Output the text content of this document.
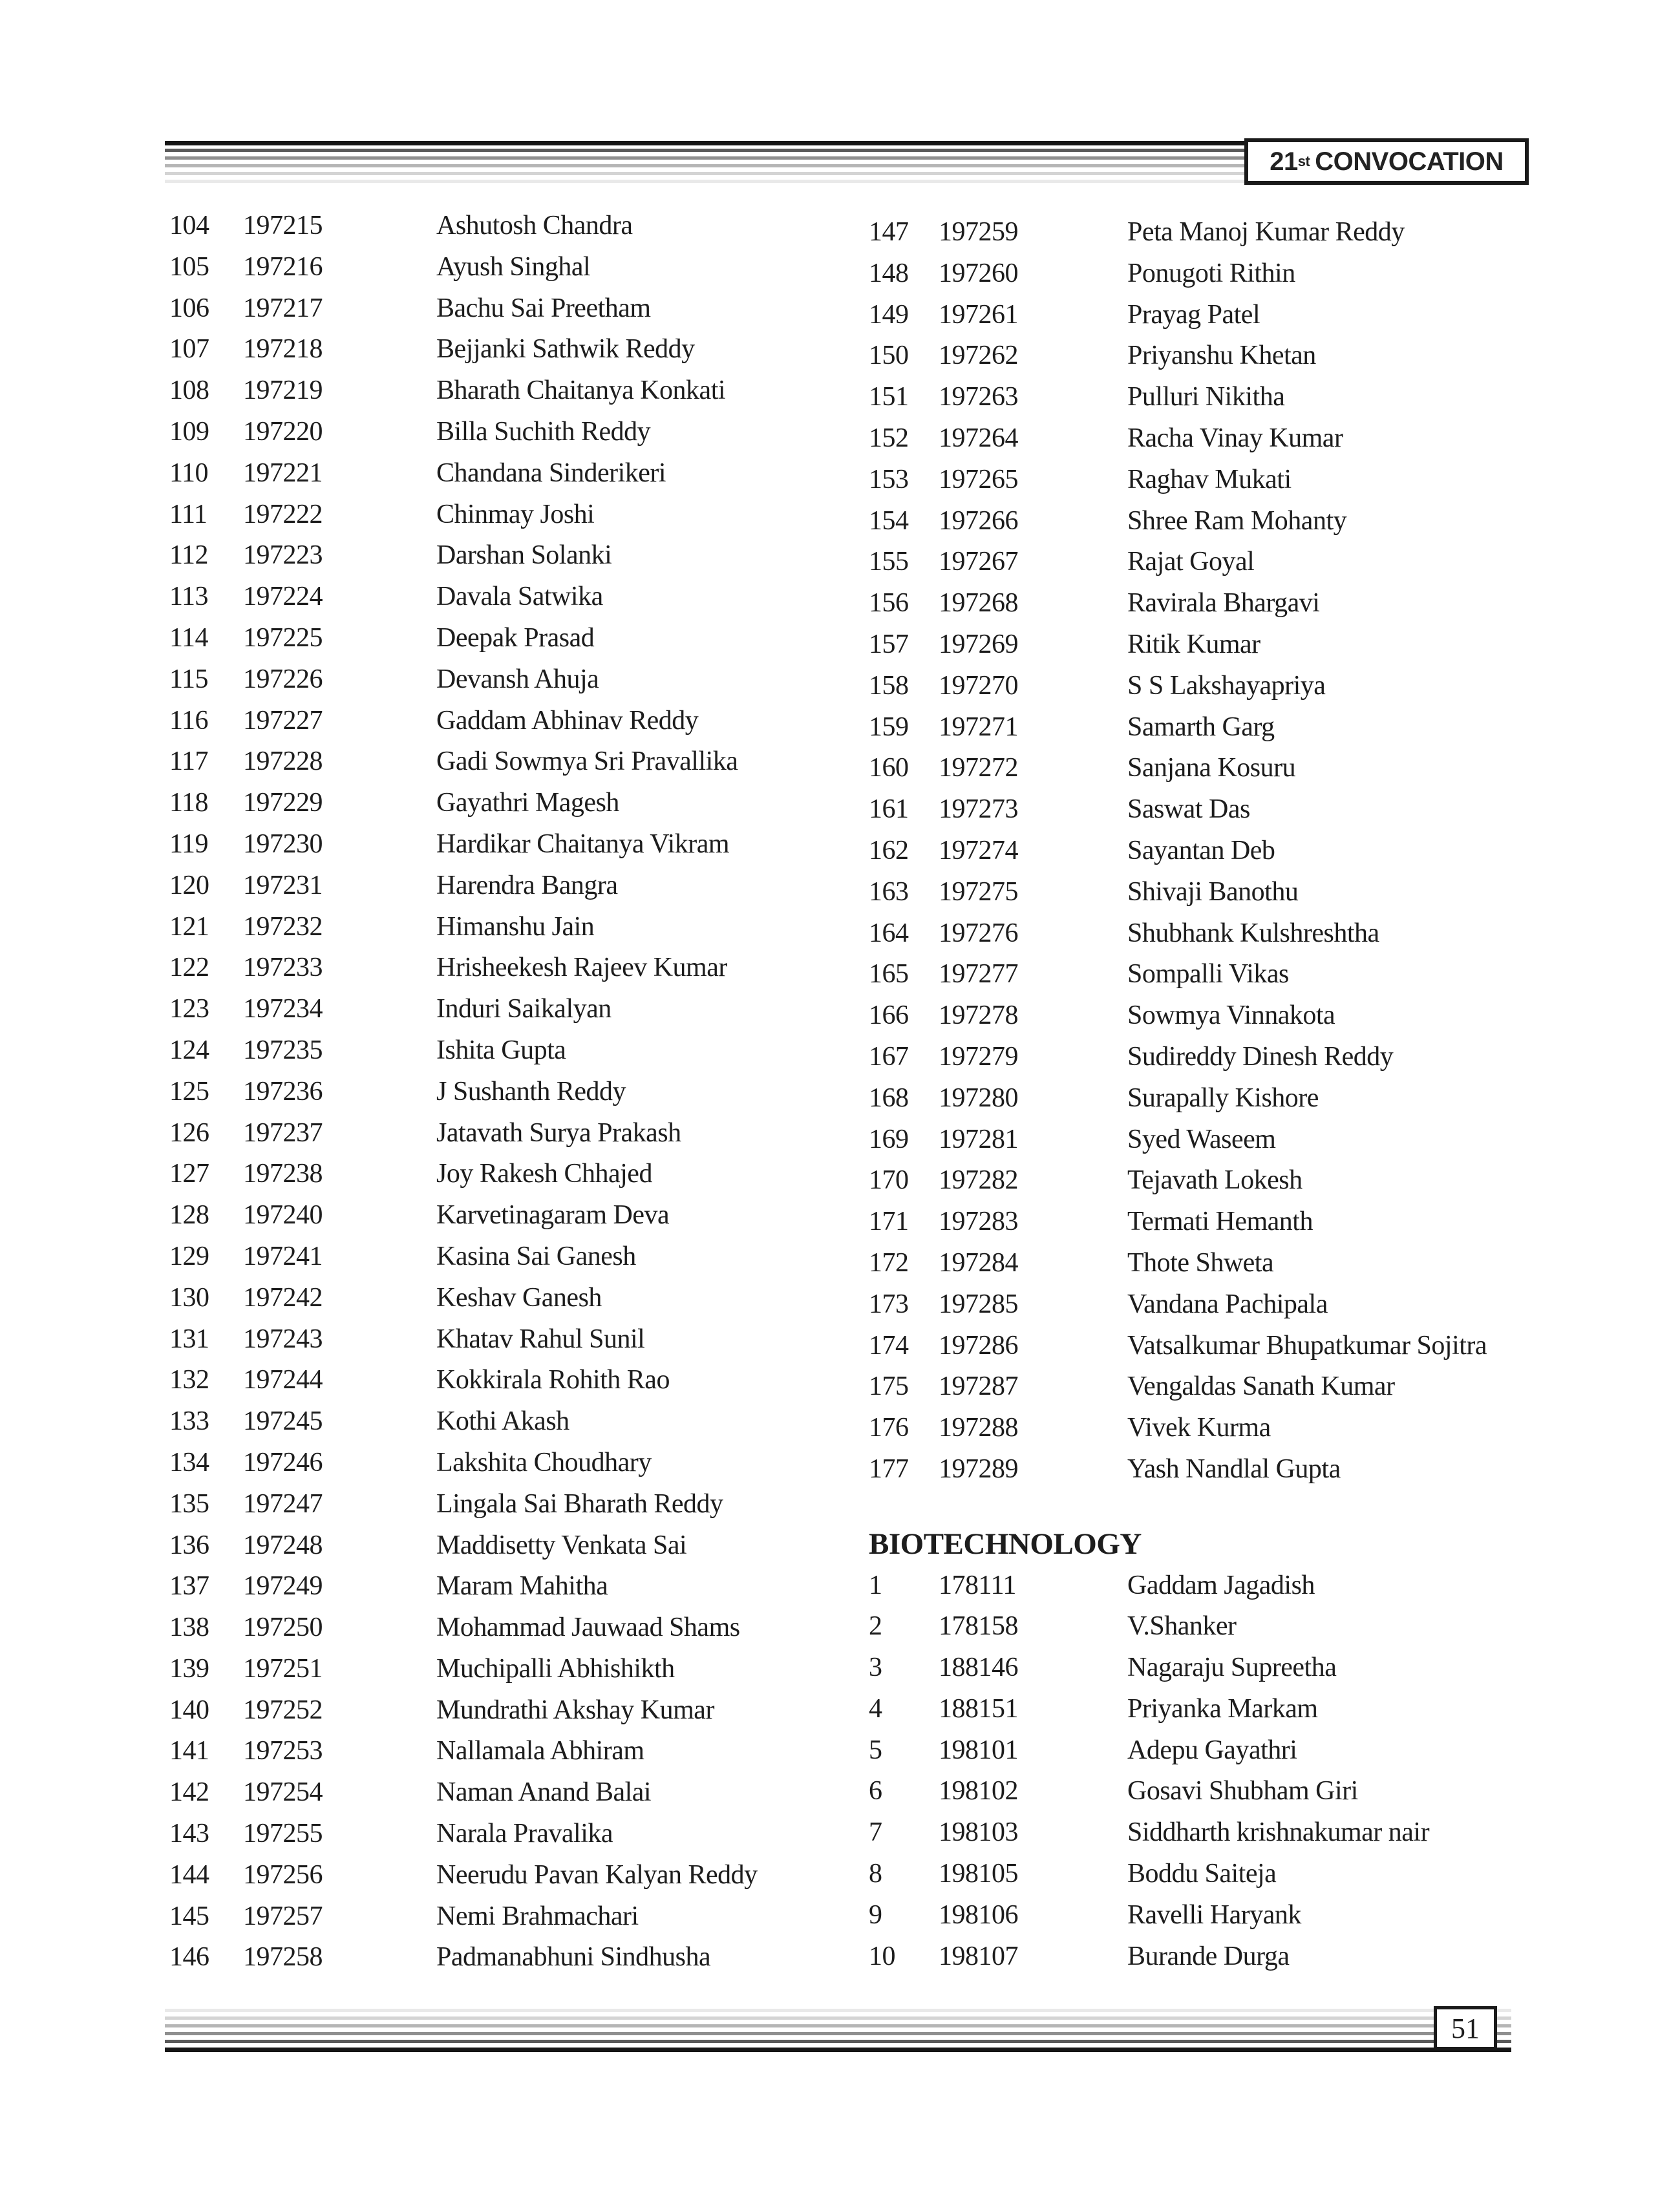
21 st CONVOCATION
104 197215	Ashutosh Chandra
105 197216	Ayush Singhal
106 197217	Bachu Sai Preetham
107 197218	Bejjanki Sathwik Reddy
108 197219	Bharath Chaitanya Konkati
109 197220	Billa Suchith Reddy
110 197221	Chandana Sinderikeri
111 197222	Chinmay Joshi
112 197223	Darshan Solanki
113 197224	Davala Satwika
114 197225	Deepak Prasad
115 197226	Devansh Ahuja
116 197227	Gaddam Abhinav Reddy
117 197228	Gadi Sowmya Sri Pravallika
118 197229	Gayathri Magesh
119 197230	Hardikar Chaitanya Vikram
120 197231	Harendra Bangra
121 197232	Himanshu Jain
122 197233	Hrisheekesh Rajeev Kumar
123 197234	Induri Saikalyan
124 197235	Ishita Gupta
125 197236	J Sushanth Reddy
126 197237	Jatavath Surya Prakash
127 197238	Joy Rakesh Chhajed
128 197240	Karvetinagaram Deva
129 197241	Kasina Sai Ganesh
130 197242	Keshav Ganesh
131 197243	Khatav Rahul Sunil
132 197244	Kokkirala Rohith Rao
133 197245	Kothi Akash
134 197246	Lakshita Choudhary
135 197247	Lingala Sai Bharath Reddy
136 197248	Maddisetty Venkata Sai
137 197249	Maram Mahitha
138 197250	Mohammad Jauwaad Shams
139 197251	Muchipalli Abhishikth
140 197252	Mundrathi Akshay Kumar
141 197253	Nallamala Abhiram
142 197254	Naman Anand Balai
143 197255	Narala Pravalika
144 197256	Neerudu Pavan Kalyan Reddy
145 197257	Nemi Brahmachari
146 197258	Padmanabhuni Sindhusha
147 197259	Peta Manoj Kumar Reddy
148 197260	Ponugoti Rithin
149 197261	Prayag Patel
150 197262	Priyanshu Khetan
151 197263	Pulluri Nikitha
152 197264	Racha Vinay Kumar
153 197265	Raghav Mukati
154 197266	Shree Ram Mohanty
155 197267	Rajat Goyal
156 197268	Ravirala Bhargavi
157 197269	Ritik Kumar
158 197270	S S Lakshayapriya
159 197271	Samarth Garg
160 197272	Sanjana Kosuru
161 197273	Saswat Das
162 197274	Sayantan Deb
163 197275	Shivaji Banothu
164 197276	Shubhank Kulshreshtha
165 197277	Sompalli Vikas
166 197278	Sowmya Vinnakota
167 197279	Sudireddy Dinesh Reddy
168 197280	Surapally Kishore
169 197281	Syed Waseem
170 197282	Tejavath Lokesh
171 197283	Termati Hemanth
172 197284	Thote Shweta
173 197285	Vandana Pachipala
174 197286	Vatsalkumar Bhupatkumar Sojitra
175 197287	Vengaldas Sanath Kumar
176 197288	Vivek Kurma
177 197289	Yash Nandlal Gupta
BIOTECHNOLOGY
1 178111	Gaddam Jagadish
2 178158	V.Shanker
3 188146	Nagaraju Supreetha
4 188151	Priyanka Markam
5 198101	Adepu Gayathri
6 198102	Gosavi Shubham Giri
7 198103	Siddharth krishnakumar nair
8 198105	Boddu Saiteja
9 198106	Ravelli Haryank
10 198107	Burande Durga
51
